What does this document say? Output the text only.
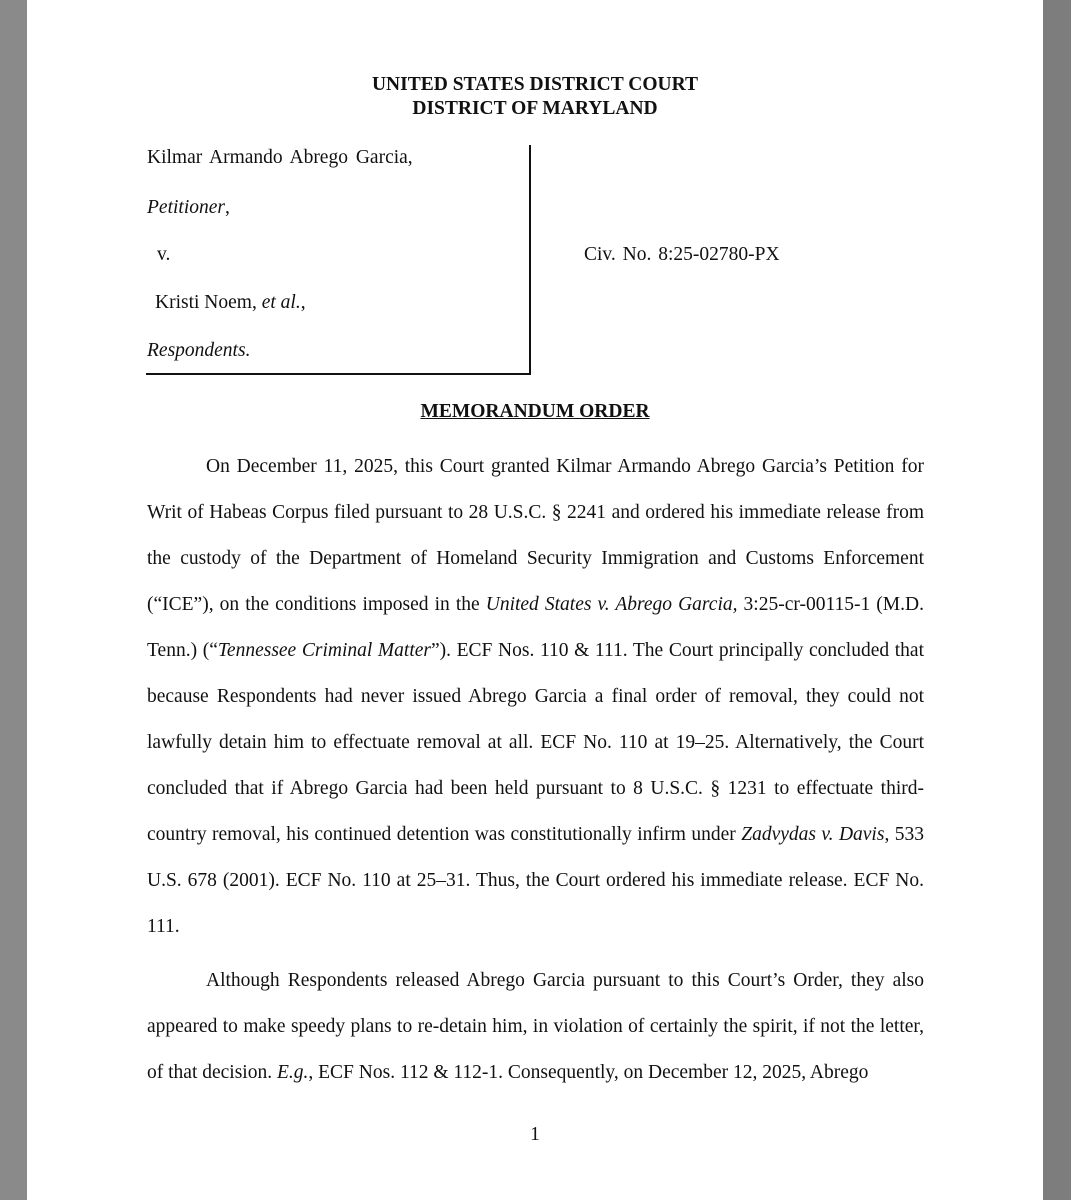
UNITED STATES DISTRICT COURT
DISTRICT OF MARYLAND
Kilmar Armando Abrego Garcia,
Petitioner,
v.
Kristi Noem, et al.,
Respondents.
Civ. No. 8:25-02780-PX
MEMORANDUM ORDER

On December 11, 2025, this Court granted Kilmar Armando Abrego Garcia’s Petition for Writ of Habeas Corpus filed pursuant to 28 U.S.C. § 2241 and ordered his immediate release from the custody of the Department of Homeland Security Immigration and Customs Enforcement (“ICE”), on the conditions imposed in the United States v. Abrego Garcia, 3:25-cr-00115-1 (M.D. Tenn.) (“Tennessee Criminal Matter”). ECF Nos. 110 & 111. The Court principally concluded that because Respondents had never issued Abrego Garcia a final order of removal, they could not lawfully detain him to effectuate removal at all. ECF No. 110 at 19–25. Alternatively, the Court concluded that if Abrego Garcia had been held pursuant to 8 U.S.C. § 1231 to effectuate third-country removal, his continued detention was constitutionally infirm under Zadvydas v. Davis, 533 U.S. 678 (2001). ECF No. 110 at 25–31. Thus, the Court ordered his immediate release. ECF No. 111.

Although Respondents released Abrego Garcia pursuant to this Court’s Order, they also appeared to make speedy plans to re-detain him, in violation of certainly the spirit, if not the letter, of that decision. E.g., ECF Nos. 112 & 112-1. Consequently, on December 12, 2025, Abrego

1
